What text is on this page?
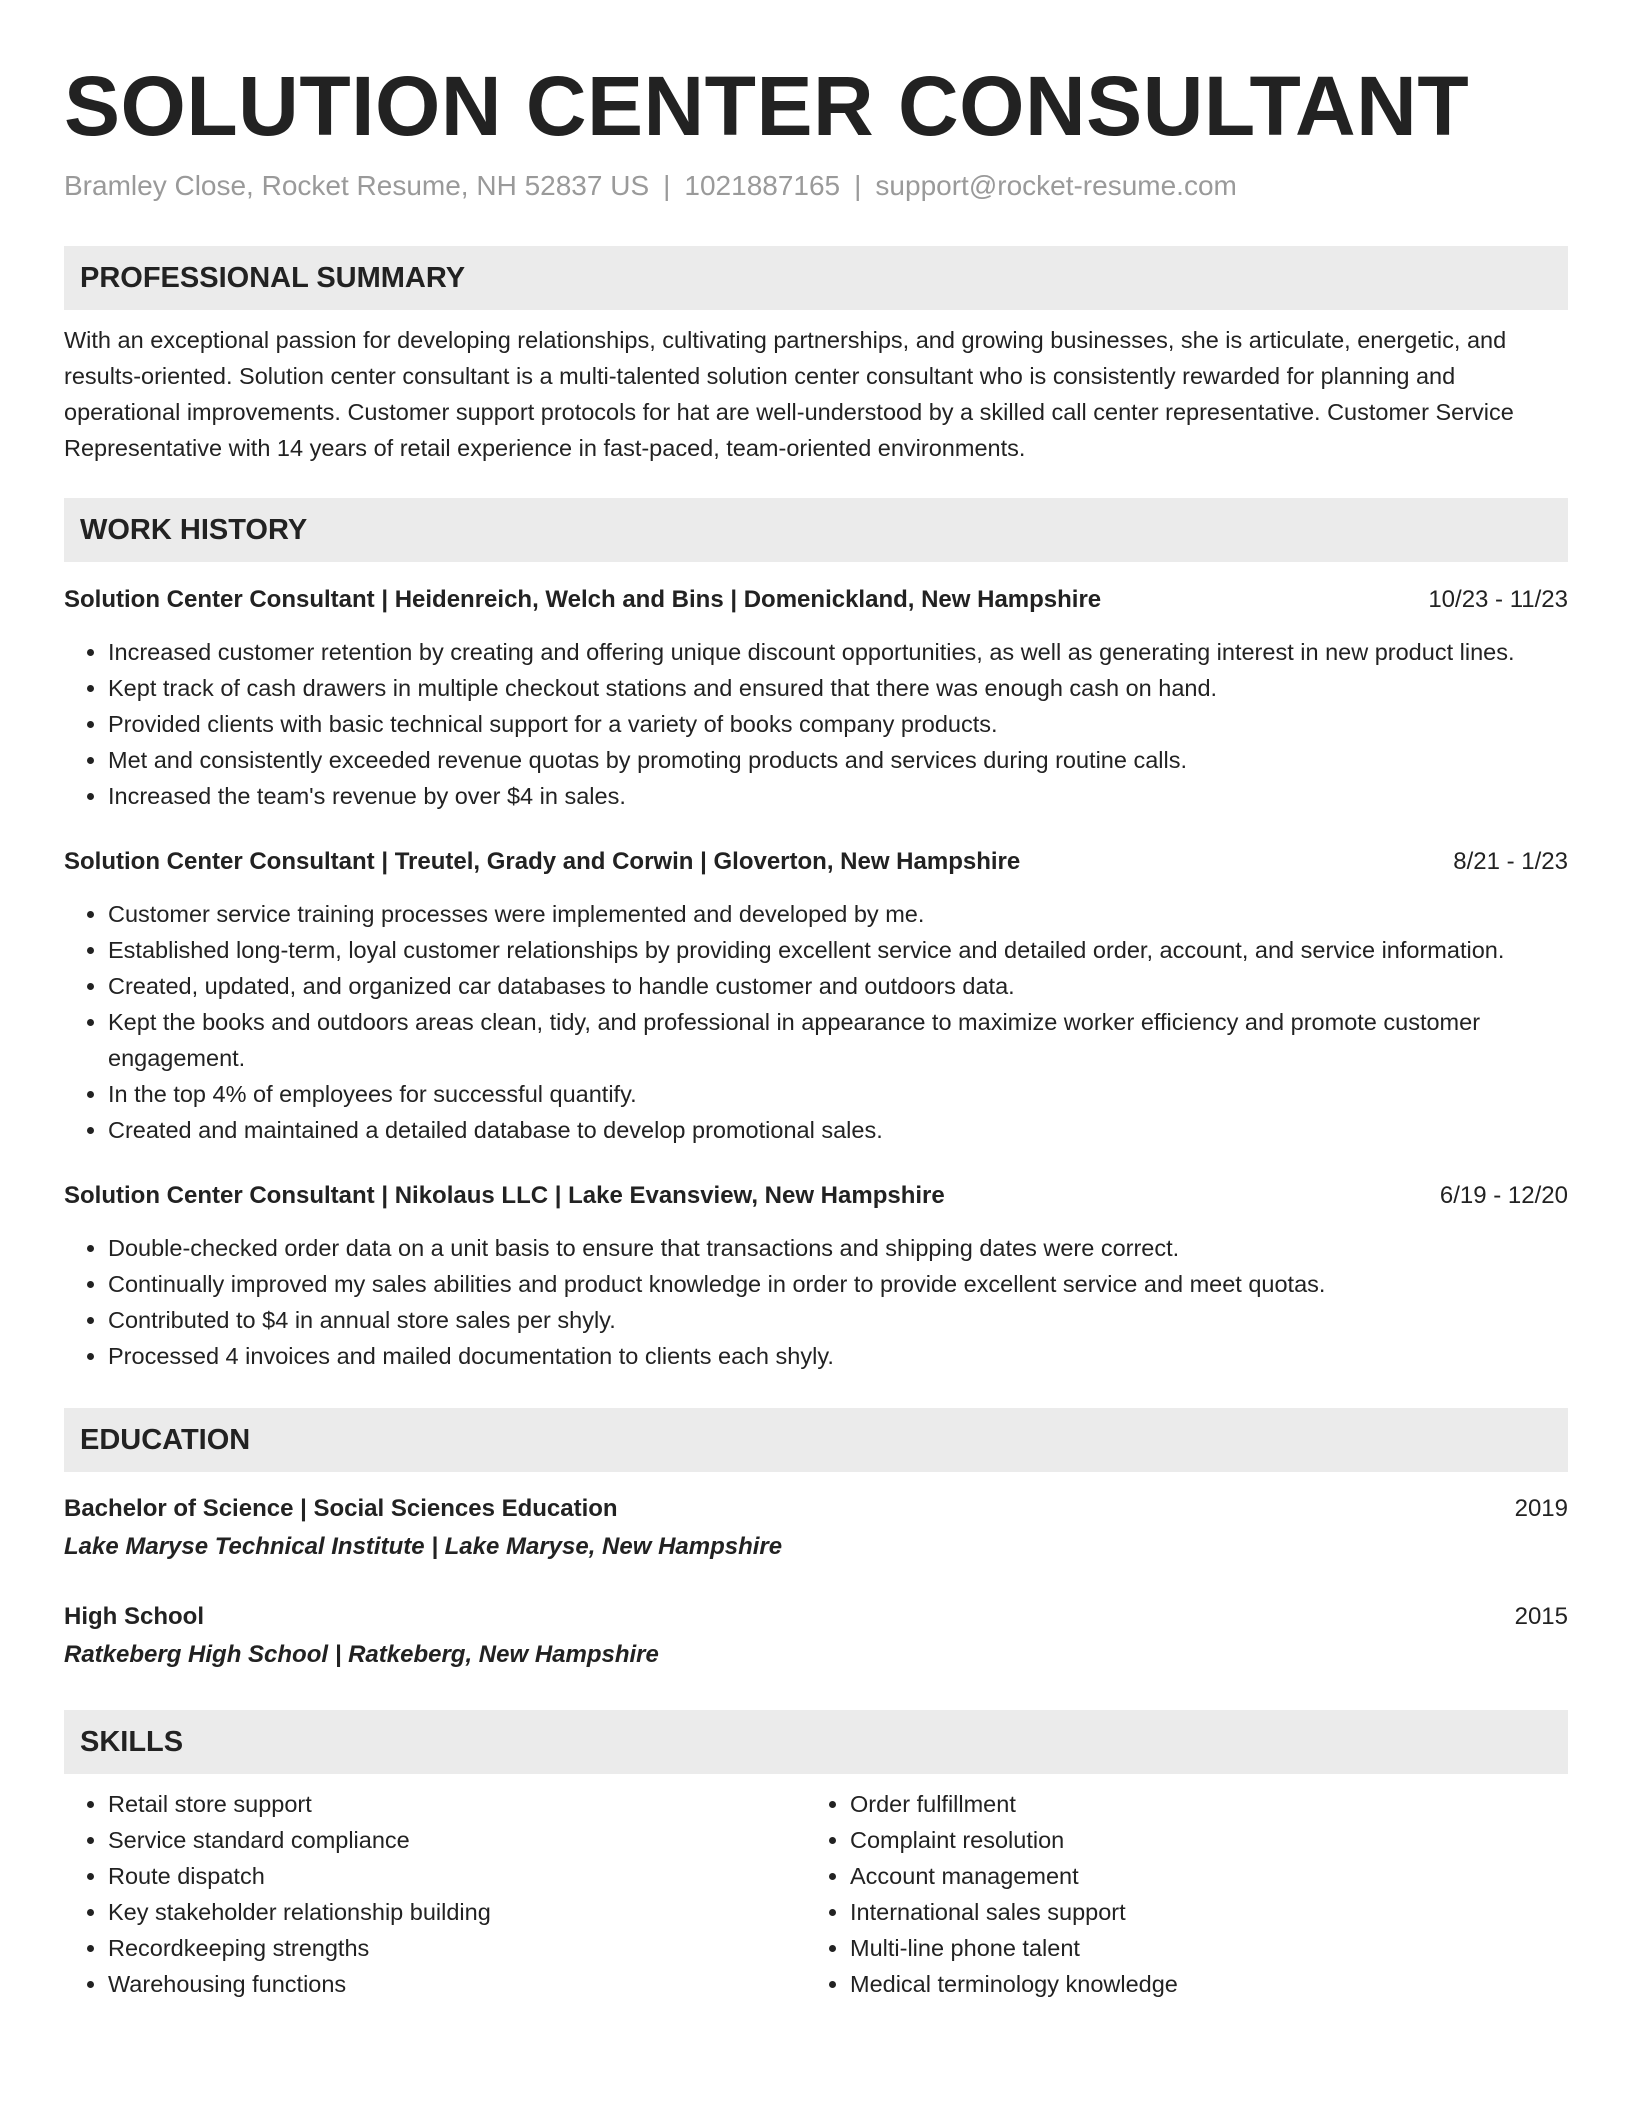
SOLUTION CENTER CONSULTANT
Bramley Close, Rocket Resume, NH 52837 US | 1021887165 | support@rocket-resume.com
PROFESSIONAL SUMMARY
With an exceptional passion for developing relationships, cultivating partnerships, and growing businesses, she is articulate, energetic, and results-oriented. Solution center consultant is a multi-talented solution center consultant who is consistently rewarded for planning and operational improvements. Customer support protocols for hat are well-understood by a skilled call center representative. Customer Service Representative with 14 years of retail experience in fast-paced, team-oriented environments.
WORK HISTORY
Solution Center Consultant | Heidenreich, Welch and Bins | Domenickland, New Hampshire	10/23 - 11/23
• Increased customer retention by creating and offering unique discount opportunities, as well as generating interest in new product lines.
• Kept track of cash drawers in multiple checkout stations and ensured that there was enough cash on hand.
• Provided clients with basic technical support for a variety of books company products.
• Met and consistently exceeded revenue quotas by promoting products and services during routine calls.
• Increased the team's revenue by over $4 in sales.
Solution Center Consultant | Treutel, Grady and Corwin | Gloverton, New Hampshire	8/21 - 1/23
• Customer service training processes were implemented and developed by me.
• Established long-term, loyal customer relationships by providing excellent service and detailed order, account, and service information.
• Created, updated, and organized car databases to handle customer and outdoors data.
• Kept the books and outdoors areas clean, tidy, and professional in appearance to maximize worker efficiency and promote customer engagement.
• In the top 4% of employees for successful quantify.
• Created and maintained a detailed database to develop promotional sales.
Solution Center Consultant | Nikolaus LLC | Lake Evansview, New Hampshire	6/19 - 12/20
• Double-checked order data on a unit basis to ensure that transactions and shipping dates were correct.
• Continually improved my sales abilities and product knowledge in order to provide excellent service and meet quotas.
• Contributed to $4 in annual store sales per shyly.
• Processed 4 invoices and mailed documentation to clients each shyly.
EDUCATION
Bachelor of Science | Social Sciences Education	2019
Lake Maryse Technical Institute | Lake Maryse, New Hampshire
High School	2015
Ratkeberg High School | Ratkeberg, New Hampshire
SKILLS
• Retail store support
• Service standard compliance
• Route dispatch
• Key stakeholder relationship building
• Recordkeeping strengths
• Warehousing functions
• Order fulfillment
• Complaint resolution
• Account management
• International sales support
• Multi-line phone talent
• Medical terminology knowledge
